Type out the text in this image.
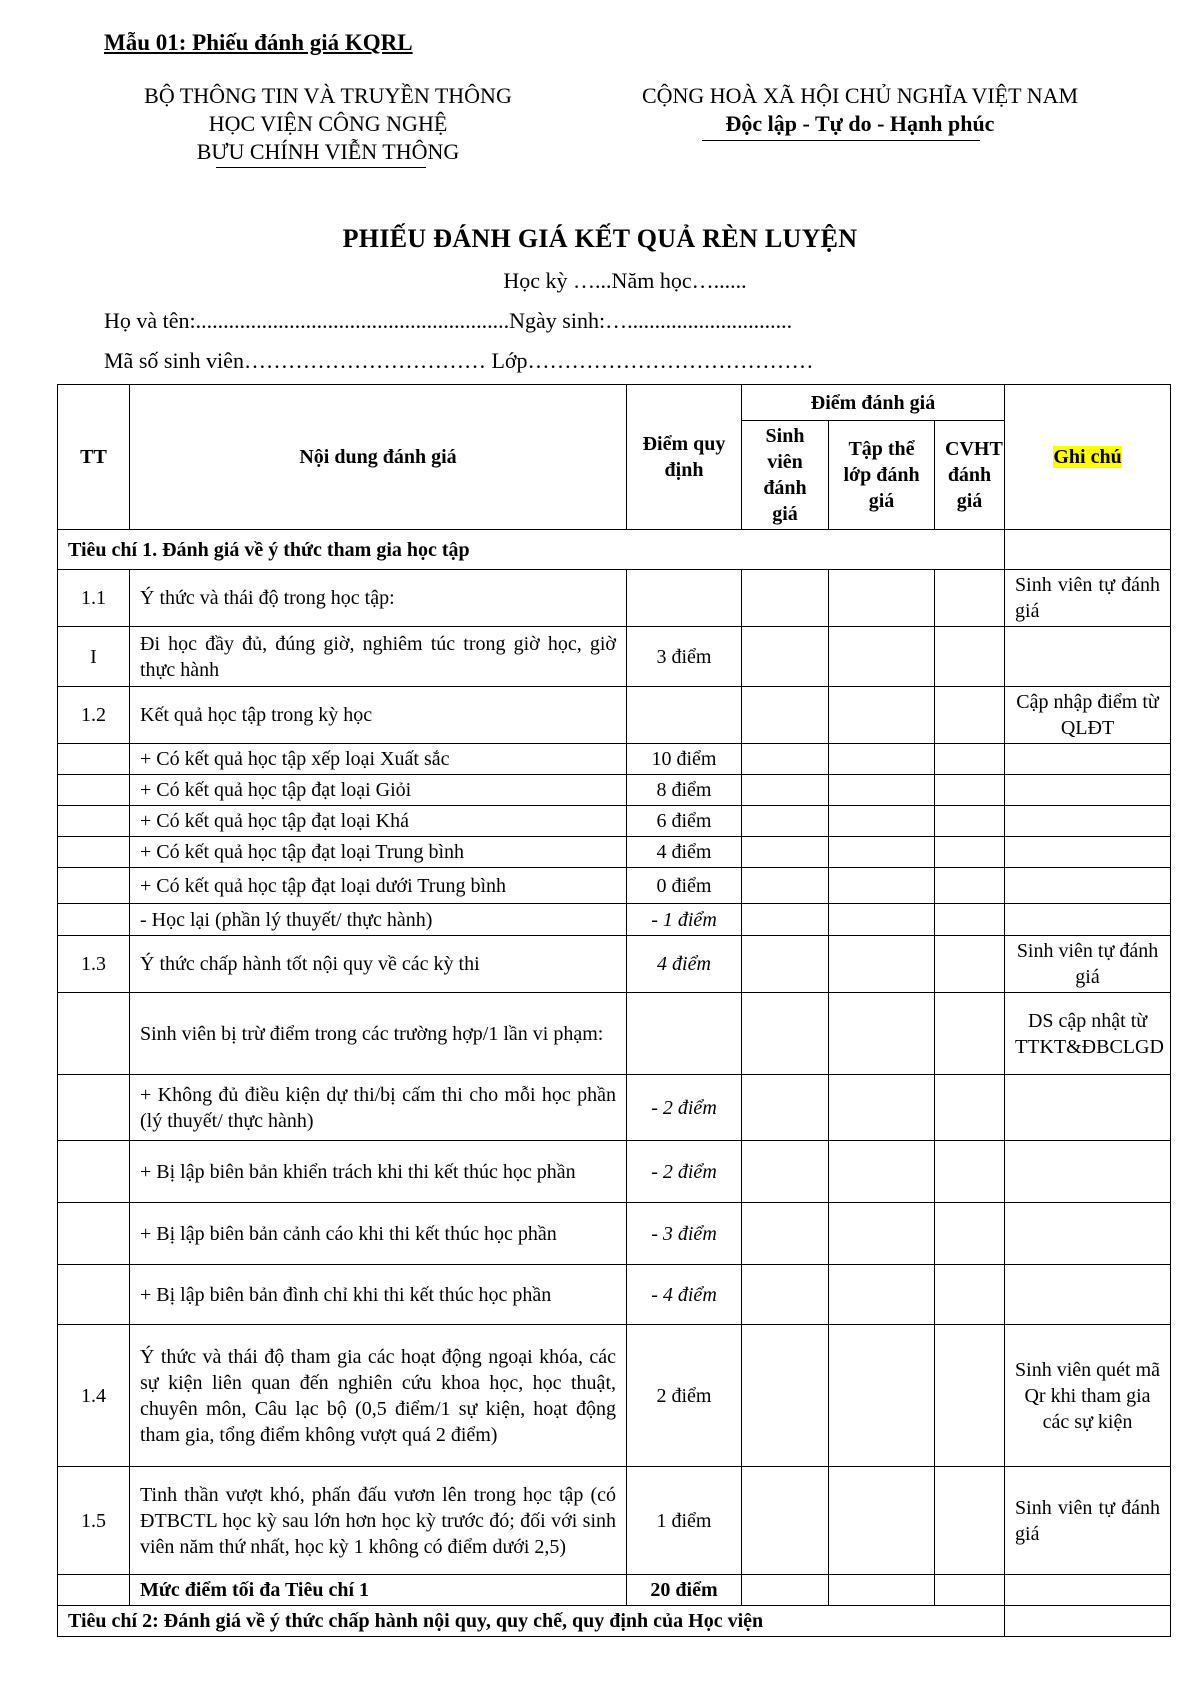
Mẫu 01: Phiếu đánh giá KQRL
BỘ THÔNG TIN VÀ TRUYỀN THÔNG
HỌC VIỆN CÔNG NGHỆ
BƯU CHÍNH VIỄN THÔNG
CỘNG HOÀ XÃ HỘI CHỦ NGHĨA VIỆT NAM
Độc lập - Tự do - Hạnh phúc
PHIẾU ĐÁNH GIÁ KẾT QUẢ RÈN LUYỆN
Học kỳ …...Năm học…......
Họ và tên:.........................................................Ngày sinh:…..............................
Mã số sinh viên…………………………… Lớp…………………………………
TT	Nội dung đánh giá	Điểm quy định	Điểm đánh giá			Ghi chú
			Sinh viên đánh giá	Tập thể lớp đánh giá	CVHT đánh giá	
Tiêu chí 1. Đánh giá về ý thức tham gia học tập						
1.1	Ý thức và thái độ trong học tập:					Sinh viên tự đánh giá
I	Đi học đầy đủ, đúng giờ, nghiêm túc trong giờ học, giờ thực hành	3 điểm				
1.2	Kết quả học tập trong kỳ học					Cập nhập điểm từ QLĐT
	+ Có kết quả học tập xếp loại Xuất sắc	10 điểm				
	+ Có kết quả học tập đạt loại Giỏi	8 điểm				
	+ Có kết quả học tập đạt loại Khá	6 điểm				
	+ Có kết quả học tập đạt loại Trung bình	4 điểm				
	+ Có kết quả học tập đạt loại dưới Trung bình	0 điểm				
	- Học lại (phần lý thuyết/ thực hành)	- 1 điểm				
1.3	Ý thức chấp hành tốt nội quy về các kỳ thi	4 điểm				Sinh viên tự đánh giá
	Sinh viên bị trừ điểm trong các trường hợp/1 lần vi phạm:					DS cập nhật từ TTKT&ĐBCLGD
	+ Không đủ điều kiện dự thi/bị cấm thi cho mỗi học phần (lý thuyết/ thực hành)	- 2 điểm				
	+ Bị lập biên bản khiển trách khi thi kết thúc học phần	- 2 điểm				
	+ Bị lập biên bản cảnh cáo khi thi kết thúc học phần	- 3 điểm				
	+ Bị lập biên bản đình chỉ khi thi kết thúc học phần	- 4 điểm				
1.4	Ý thức và thái độ tham gia các hoạt động ngoại khóa, các sự kiện liên quan đến nghiên cứu khoa học, học thuật, chuyên môn, Câu lạc bộ (0,5 điểm/1 sự kiện, hoạt động tham gia, tổng điểm không vượt quá 2 điểm)	2 điểm				Sinh viên quét mã Qr khi tham gia các sự kiện
1.5	Tinh thần vượt khó, phấn đấu vươn lên trong học tập (có ĐTBCTL học kỳ sau lớn hơn học kỳ trước đó; đối với sinh viên năm thứ nhất, học kỳ 1 không có điểm dưới 2,5)	1 điểm				Sinh viên tự đánh giá
	Mức điểm tối đa Tiêu chí 1	20 điểm				
Tiêu chí 2: Đánh giá về ý thức chấp hành nội quy, quy chế, quy định của Học viện						
